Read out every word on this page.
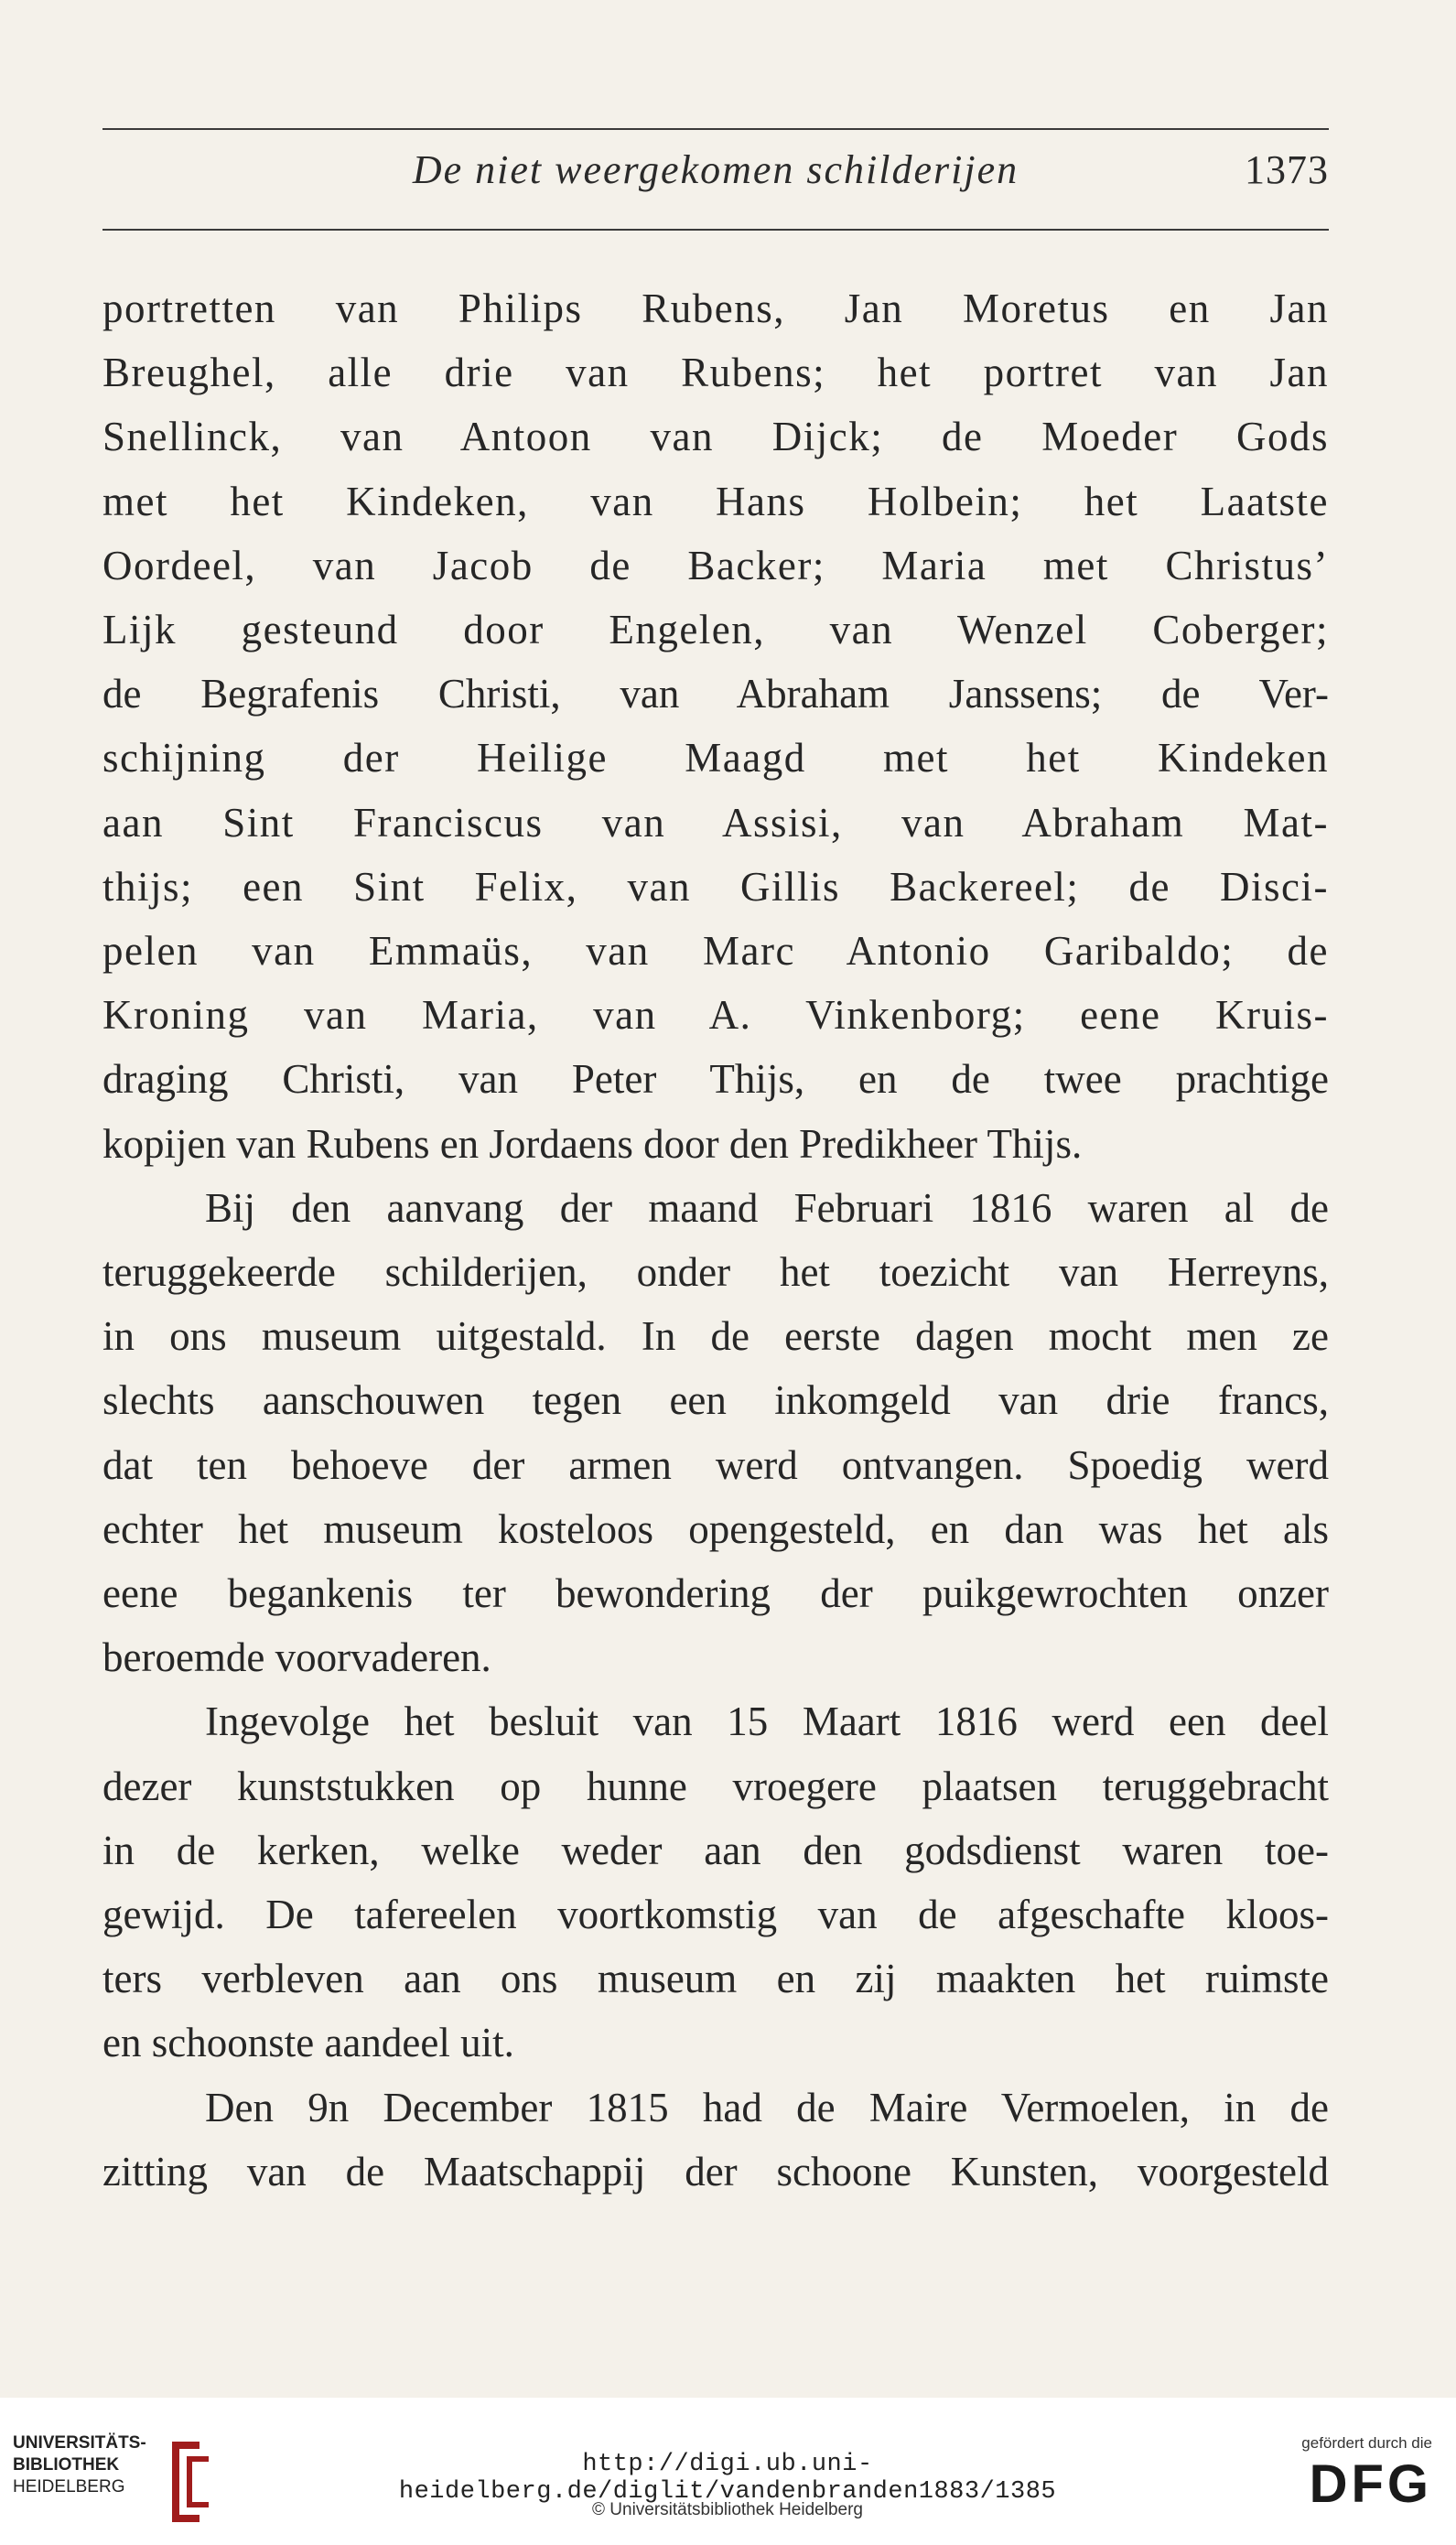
De niet weergekomen schilderijen	1373
portretten van Philips Rubens, Jan Moretus en Jan
Breughel, alle drie van Rubens; het portret van Jan
Snellinck, van Antoon van Dijck; de Moeder Gods
met het Kindeken, van Hans Holbein; het Laatste
Oordeel, van Jacob de Backer; Maria met Christus’
Lijk gesteund door Engelen, van Wenzel Coberger;
de Begrafenis Christi, van Abraham Janssens; de Ver-
schijning der Heilige Maagd met het Kindeken
aan Sint Franciscus van Assisi, van Abraham Mat-
thijs; een Sint Felix, van Gillis Backereel; de Disci-
pelen van Emmaüs, van Marc Antonio Garibaldo; de
Kroning van Maria, van A. Vinkenborg; eene Kruis-
draging Christi, van Peter Thijs, en de twee prachtige
kopijen van Rubens en Jordaens door den Predikheer Thijs.
Bij den aanvang der maand Februari 1816 waren al de
teruggekeerde schilderijen, onder het toezicht van Herreyns,
in ons museum uitgestald. In de eerste dagen mocht men ze
slechts aanschouwen tegen een inkomgeld van drie francs,
dat ten behoeve der armen werd ontvangen. Spoedig werd
echter het museum kosteloos opengesteld, en dan was het als
eene begankenis ter bewondering der puikgewrochten onzer
beroemde voorvaderen.
Ingevolge het besluit van 15 Maart 1816 werd een deel
dezer kunststukken op hunne vroegere plaatsen teruggebracht
in de kerken, welke weder aan den godsdienst waren toe-
gewijd. De tafereelen voortkomstig van de afgeschafte kloos-
ters verbleven aan ons museum en zij maakten het ruimste
en schoonste aandeel uit.
Den 9n December 1815 had de Maire Vermoelen, in de
zitting van de Maatschappij der schoone Kunsten, voorgesteld
UNIVERSITÄTS-
BIBLIOTHEK
HEIDELBERG
http://digi.ub.uni-heidelberg.de/diglit/vandenbranden1883/1385
© Universitätsbibliothek Heidelberg
gefördert durch die
DFG
